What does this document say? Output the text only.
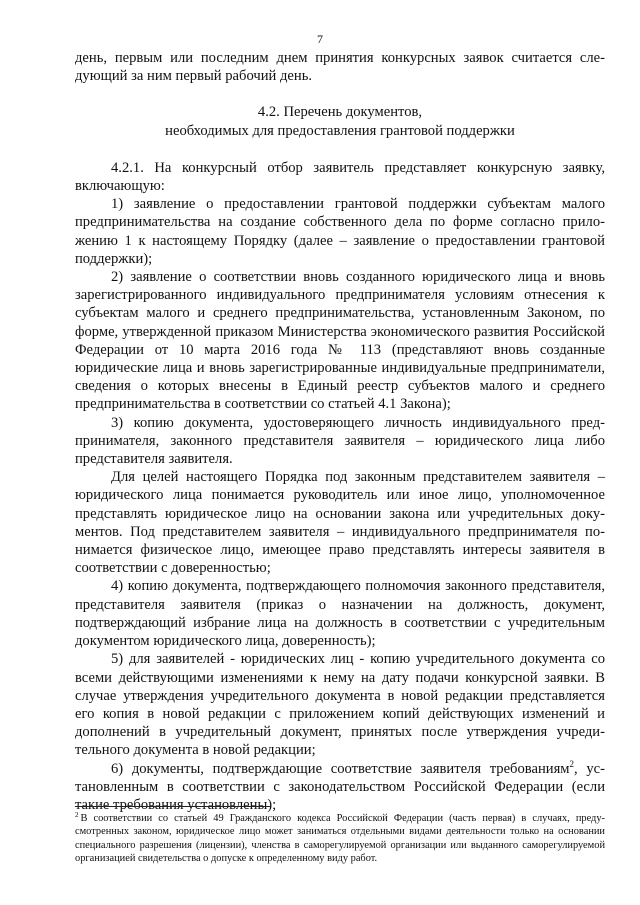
7

день, первым или последним днем принятия конкурсных заявок считается следующий за ним первый рабочий день.

4.2. Перечень документов,
необходимых для предоставления грантовой поддержки

4.2.1. На конкурсный отбор заявитель представляет конкурсную заявку, включающую:

1) заявление о предоставлении грантовой поддержки субъектам малого предпринимательства на создание собственного дела по форме согласно приложению 1 к настоящему Порядку (далее – заявление о предоставлении грантовой поддержки);

2) заявление о соответствии вновь созданного юридического лица и вновь зарегистрированного индивидуального предпринимателя условиям отнесения к субъектам малого и среднего предпринимательства, установленным Законом, по форме, утвержденной приказом Министерства экономического развития Российской Федерации от 10 марта 2016 года № 113 (представляют вновь созданные юридические лица и вновь зарегистрированные индивидуальные предприниматели, сведения о которых внесены в Единый реестр субъектов малого и среднего предпринимательства в соответствии со статьей 4.1 Закона);

3) копию документа, удостоверяющего личность индивидуального предпринимателя, законного представителя заявителя – юридического лица либо представителя заявителя.

Для целей настоящего Порядка под законным представителем заявителя – юридического лица понимается руководитель или иное лицо, уполномоченное представлять юридическое лицо на основании закона или учредительных документов. Под представителем заявителя – индивидуального предпринимателя понимается физическое лицо, имеющее право представлять интересы заявителя в соответствии с доверенностью;

4) копию документа, подтверждающего полномочия законного представителя, представителя заявителя (приказ о назначении на должность, документ, подтверждающий избрание лица на должность в соответствии с учредительным документом юридического лица, доверенность);

5) для заявителей - юридических лиц - копию учредительного документа со всеми действующими изменениями к нему на дату подачи конкурсной заявки. В случае утверждения учредительного документа в новой редакции представляется его копия в новой редакции с приложением копий действующих изменений и дополнений в учредительный документ, принятых после утверждения учредительного документа в новой редакции;

6) документы, подтверждающие соответствие заявителя требованиям$^2$, установленным в соответствии с законодательством Российской Федерации (если такие требования установлены);

$^2$ В соответствии со статьей 49 Гражданского кодекса Российской Федерации (часть первая) в случаях, предусмотренных законом, юридическое лицо может заниматься отдельными видами деятельности только на основании специального разрешения (лицензии), членства в саморегулируемой организации или выданного саморегулируемой организацией свидетельства о допуске к определенному виду работ.
